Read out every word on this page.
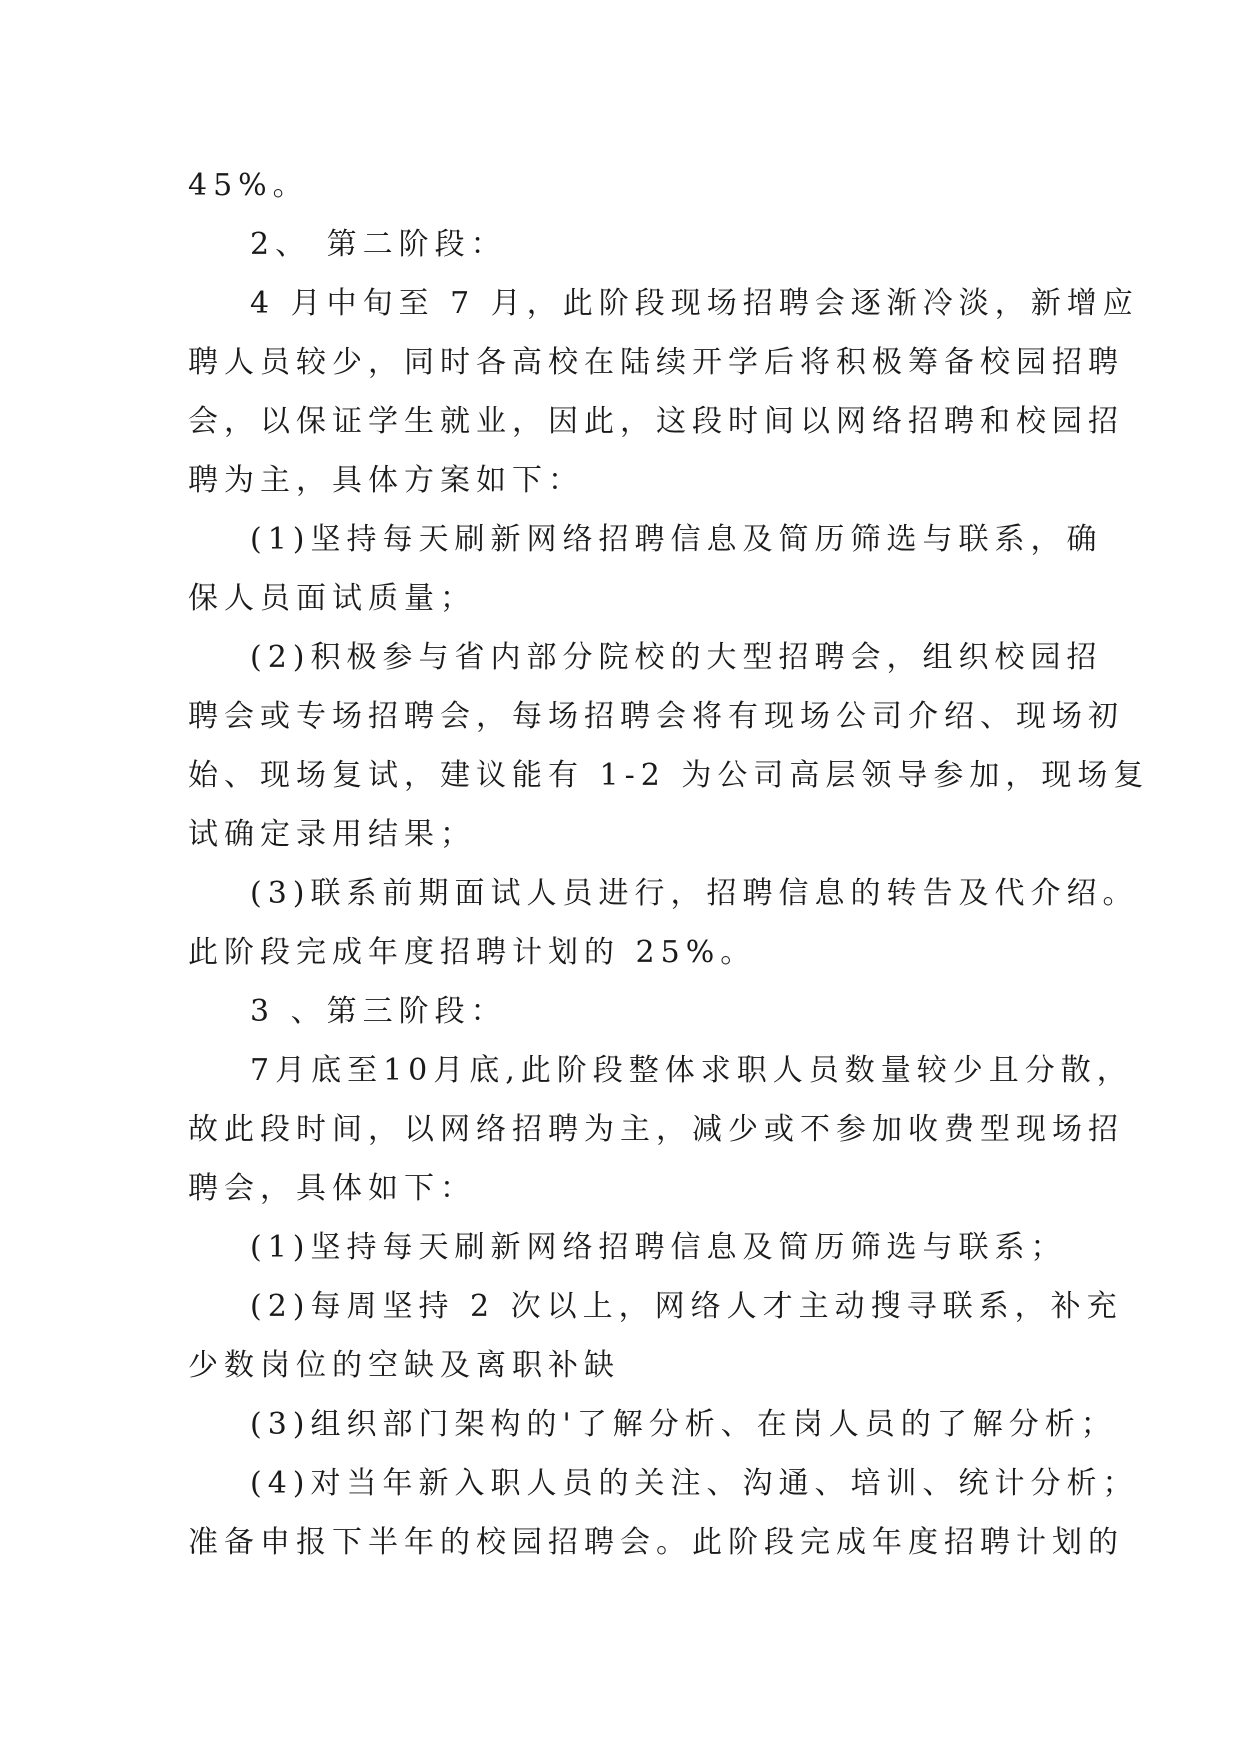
45%。
2、 第二阶段：
4 月中旬至 7 月，此阶段现场招聘会逐渐冷淡，新增应
聘人员较少，同时各高校在陆续开学后将积极筹备校园招聘
会，以保证学生就业，因此，这段时间以网络招聘和校园招
聘为主，具体方案如下：
(1)坚持每天刷新网络招聘信息及简历筛选与联系，确
保人员面试质量；
(2)积极参与省内部分院校的大型招聘会，组织校园招
聘会或专场招聘会，每场招聘会将有现场公司介绍、现场初
始、现场复试，建议能有 1-2 为公司高层领导参加，现场复
试确定录用结果；
(3)联系前期面试人员进行，招聘信息的转告及代介绍。
此阶段完成年度招聘计划的 25%。
3 、第三阶段：
7月底至10月底,此阶段整体求职人员数量较少且分散，
故此段时间，以网络招聘为主，减少或不参加收费型现场招
聘会，具体如下：
(1)坚持每天刷新网络招聘信息及简历筛选与联系；
(2)每周坚持 2 次以上，网络人才主动搜寻联系，补充
少数岗位的空缺及离职补缺
(3)组织部门架构的'了解分析、在岗人员的了解分析；
(4)对当年新入职人员的关注、沟通、培训、统计分析；
准备申报下半年的校园招聘会。此阶段完成年度招聘计划的
